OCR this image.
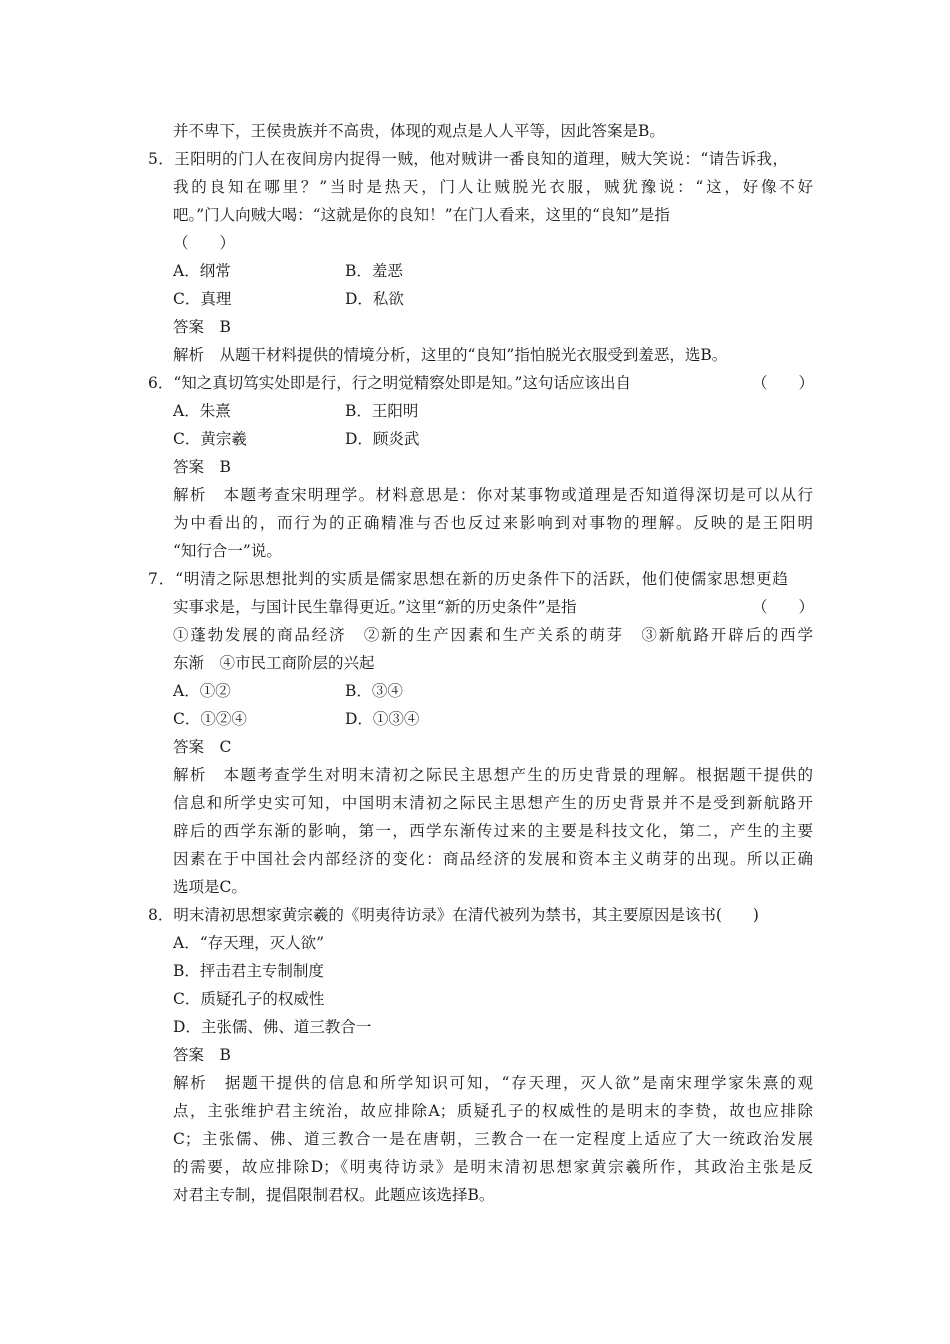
并不卑下，王侯贵族并不高贵，体现的观点是人人平等，因此答案是B。
5．王阳明的门人在夜间房内捉得一贼，他对贼讲一番良知的道理，贼大笑说：“请告诉我，
我的良知在哪里？”当时是热天，门人让贼脱光衣服，贼犹豫说：“这，好像不好
吧。”门人向贼大喝：“这就是你的良知！”在门人看来，这里的“良知”是指
（　　）
A．纲常	B．羞恶
C．真理	D．私欲
答案　B
解析　从题干材料提供的情境分析，这里的“良知”指怕脱光衣服受到羞恶，选B。
6．“知之真切笃实处即是行，行之明觉精察处即是知。”这句话应该出自	（　　）
A．朱熹	B．王阳明
C．黄宗羲	D．顾炎武
答案　B
解析　本题考查宋明理学。材料意思是：你对某事物或道理是否知道得深切是可以从行
为中看出的，而行为的正确精准与否也反过来影响到对事物的理解。反映的是王阳明
“知行合一”说。
7．“明清之际思想批判的实质是儒家思想在新的历史条件下的活跃，他们使儒家思想更趋
实事求是，与国计民生靠得更近。”这里“新的历史条件”是指	（　　）
①蓬勃发展的商品经济　②新的生产因素和生产关系的萌芽　③新航路开辟后的西学
东渐　④市民工商阶层的兴起
A．①②	B．③④
C．①②④	D．①③④
答案　C
解析　本题考查学生对明末清初之际民主思想产生的历史背景的理解。根据题干提供的
信息和所学史实可知，中国明末清初之际民主思想产生的历史背景并不是受到新航路开
辟后的西学东渐的影响，第一，西学东渐传过来的主要是科技文化，第二，产生的主要
因素在于中国社会内部经济的变化：商品经济的发展和资本主义萌芽的出现。所以正确
选项是C。
8．明末清初思想家黄宗羲的《明夷待访录》在清代被列为禁书，其主要原因是该书(　　)
A．“存天理，灭人欲”
B．抨击君主专制制度
C．质疑孔子的权威性
D．主张儒、佛、道三教合一
答案　B
解析　据题干提供的信息和所学知识可知，“存天理，灭人欲”是南宋理学家朱熹的观
点，主张维护君主统治，故应排除A；质疑孔子的权威性的是明末的李贽，故也应排除
C；主张儒、佛、道三教合一是在唐朝，三教合一在一定程度上适应了大一统政治发展
的需要，故应排除D；《明夷待访录》是明末清初思想家黄宗羲所作，其政治主张是反
对君主专制，提倡限制君权。此题应该选择B。
